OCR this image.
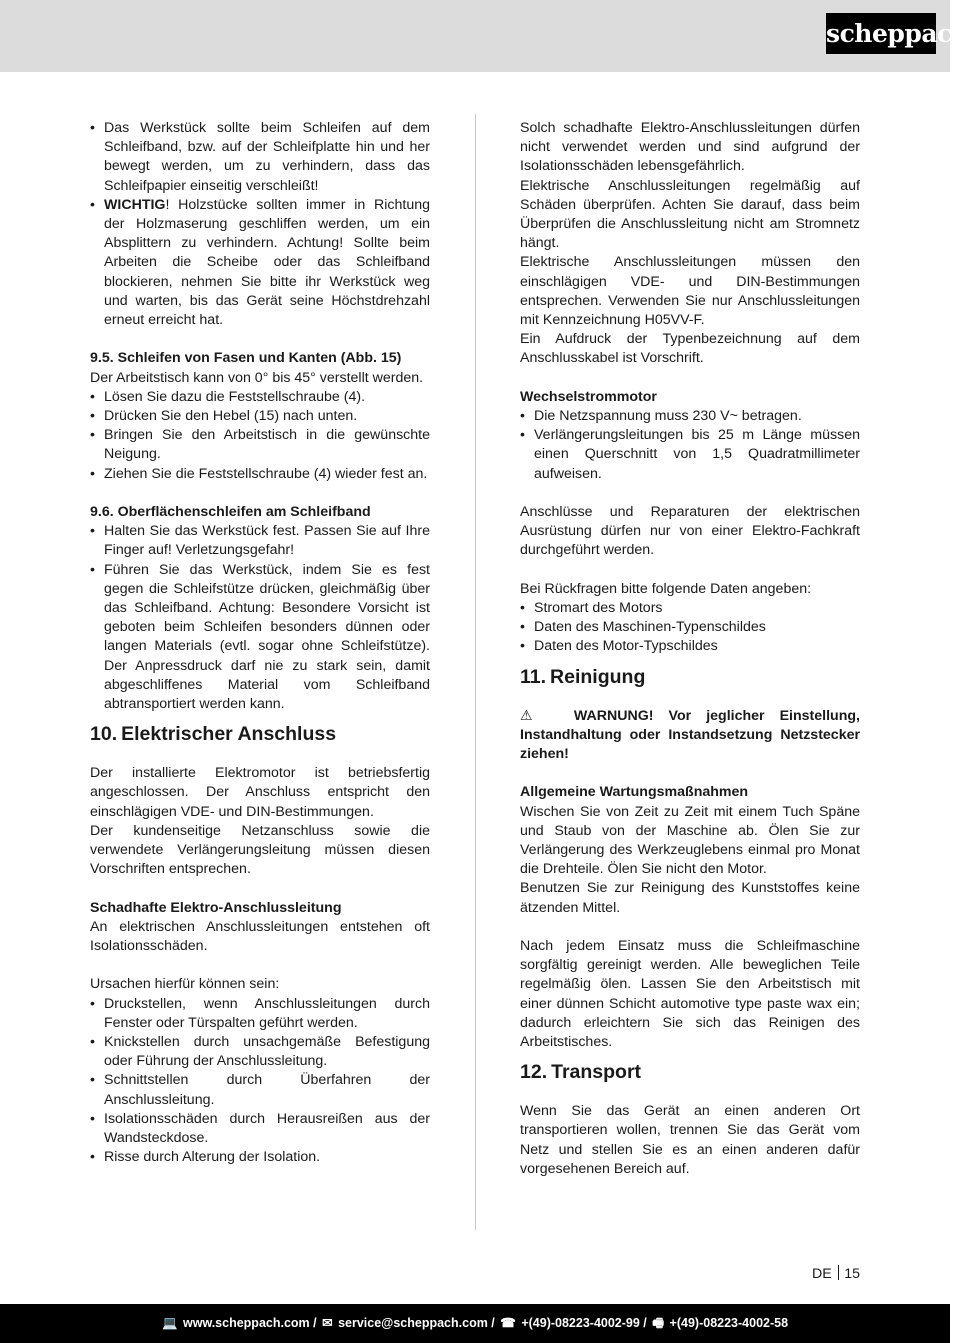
scheppach
• Das Werkstück sollte beim Schleifen auf dem Schleifband, bzw. auf der Schleifplatte hin und her bewegt werden, um zu verhindern, dass das Schleifpapier einseitig verschleißt!
• WICHTIG! Holzstücke sollten immer in Richtung der Holzmaserung geschliffen werden, um ein Absplittern zu verhindern. Achtung! Sollte beim Arbeiten die Scheibe oder das Schleifband blockieren, nehmen Sie bitte ihr Werkstück weg und warten, bis das Gerät seine Höchstdrehzahl erneut erreicht hat.
9.5. Schleifen von Fasen und Kanten (Abb. 15)

Der Arbeitstisch kann von 0° bis 45° verstellt werden.

• Lösen Sie dazu die Feststellschraube (4).
• Drücken Sie den Hebel (15) nach unten.
• Bringen Sie den Arbeitstisch in die gewünschte Neigung.
• Ziehen Sie die Feststellschraube (4) wieder fest an.
9.6. Oberflächenschleifen am Schleifband
• Halten Sie das Werkstück fest. Passen Sie auf Ihre Finger auf! Verletzungsgefahr!
• Führen Sie das Werkstück, indem Sie es fest gegen die Schleifstütze drücken, gleichmäßig über das Schleifband. Achtung: Besondere Vorsicht ist geboten beim Schleifen besonders dünnen oder langen Materials (evtl. sogar ohne Schleifstütze). Der Anpressdruck darf nie zu stark sein, damit abgeschliffenes Material vom Schleifband abtransportiert werden kann.
10. Elektrischer Anschluss

Der installierte Elektromotor ist betriebsfertig angeschlossen. Der Anschluss entspricht den einschlägigen VDE- und DIN-Bestimmungen.

Der kundenseitige Netzanschluss sowie die verwendete Verlängerungsleitung müssen diesen Vorschriften entsprechen.

Schadhafte Elektro-Anschlussleitung

An elektrischen Anschlussleitungen entstehen oft Isolationsschäden.

Ursachen hierfür können sein:

• Druckstellen, wenn Anschlussleitungen durch Fenster oder Türspalten geführt werden.
• Knickstellen durch unsachgemäße Befestigung oder Führung der Anschlussleitung.
• Schnittstellen durch Überfahren der Anschlussleitung.
• Isolationsschäden durch Herausreißen aus der Wandsteckdose.
• Risse durch Alterung der Isolation.

Solch schadhafte Elektro-Anschlussleitungen dürfen nicht verwendet werden und sind aufgrund der Isolationsschäden lebensgefährlich.

Elektrische Anschlussleitungen regelmäßig auf Schäden überprüfen. Achten Sie darauf, dass beim Überprüfen die Anschlussleitung nicht am Stromnetz hängt.

Elektrische Anschlussleitungen müssen den einschlägigen VDE- und DIN-Bestimmungen entsprechen. Verwenden Sie nur Anschlussleitungen mit Kennzeichnung H05VV-F.

Ein Aufdruck der Typenbezeichnung auf dem Anschlusskabel ist Vorschrift.

Wechselstrommotor
• Die Netzspannung muss 230 V~ betragen.
• Verlängerungsleitungen bis 25 m Länge müssen einen Querschnitt von 1,5 Quadratmillimeter aufweisen.

Anschlüsse und Reparaturen der elektrischen Ausrüstung dürfen nur von einer Elektro-Fachkraft durchgeführt werden.

Bei Rückfragen bitte folgende Daten angeben:

• Stromart des Motors
• Daten des Maschinen-Typenschildes
• Daten des Motor-Typschildes
11. Reinigung

⚠ WARNUNG! Vor jeglicher Einstellung, Instandhaltung oder Instandsetzung Netzstecker ziehen!

Allgemeine Wartungsmaßnahmen

Wischen Sie von Zeit zu Zeit mit einem Tuch Späne und Staub von der Maschine ab. Ölen Sie zur Verlängerung des Werkzeuglebens einmal pro Monat die Drehteile. Ölen Sie nicht den Motor.

Benutzen Sie zur Reinigung des Kunststoffes keine ätzenden Mittel.

Nach jedem Einsatz muss die Schleifmaschine sorgfältig gereinigt werden. Alle beweglichen Teile regelmäßig ölen. Lassen Sie den Arbeitstisch mit einer dünnen Schicht automotive type paste wax ein; dadurch erleichtern Sie sich das Reinigen des Arbeitstisches.

12. Transport

Wenn Sie das Gerät an einen anderen Ort transportieren wollen, trennen Sie das Gerät vom Netz und stellen Sie es an einen anderen dafür vorgesehenen Bereich auf.

DE 15
💻 www.scheppach.com / ✉ service@scheppach.com / ☎ +(49)-08223-4002-99 / 🖷 +(49)-08223-4002-58
